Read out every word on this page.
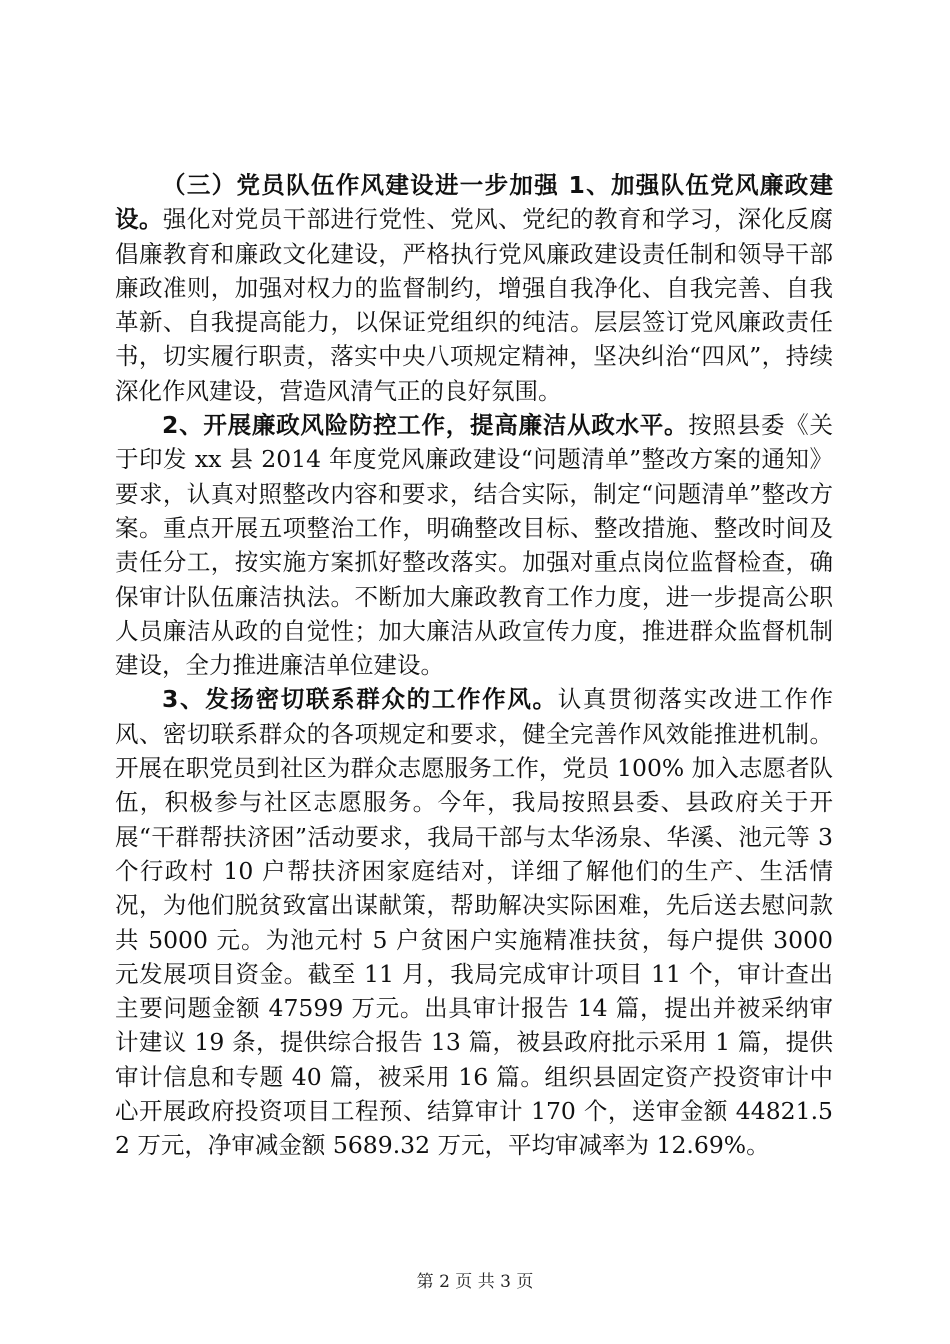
（三）党员队伍作风建设进一步加强 1、加强队伍党风廉政建设。强化对党员干部进行党性、党风、党纪的教育和学习，深化反腐倡廉教育和廉政文化建设，严格执行党风廉政建设责任制和领导干部廉政准则，加强对权力的监督制约，增强自我净化、自我完善、自我革新、自我提高能力，以保证党组织的纯洁。层层签订党风廉政责任书，切实履行职责，落实中央八项规定精神，坚决纠治“四风”，持续深化作风建设，营造风清气正的良好氛围。

2、开展廉政风险防控工作，提高廉洁从政水平。按照县委《关于印发 xx 县 2014 年度党风廉政建设“问题清单”整改方案的通知》要求，认真对照整改内容和要求，结合实际，制定“问题清单”整改方案。重点开展五项整治工作，明确整改目标、整改措施、整改时间及责任分工，按实施方案抓好整改落实。加强对重点岗位监督检查，确保审计队伍廉洁执法。不断加大廉政教育工作力度，进一步提高公职人员廉洁从政的自觉性；加大廉洁从政宣传力度，推进群众监督机制建设，全力推进廉洁单位建设。

3、发扬密切联系群众的工作作风。认真贯彻落实改进工作作风、密切联系群众的各项规定和要求，健全完善作风效能推进机制。开展在职党员到社区为群众志愿服务工作，党员 100% 加入志愿者队伍，积极参与社区志愿服务。今年，我局按照县委、县政府关于开展“干群帮扶济困”活动要求，我局干部与太华汤泉、华溪、池元等 3 个行政村 10 户帮扶济困家庭结对，详细了解他们的生产、生活情况，为他们脱贫致富出谋献策，帮助解决实际困难，先后送去慰问款共 5000 元。为池元村 5 户贫困户实施精准扶贫，每户提供 3000 元发展项目资金。截至 11 月，我局完成审计项目 11 个，审计查出主要问题金额 47599 万元。出具审计报告 14 篇，提出并被采纳审计建议 19 条，提供综合报告 13 篇，被县政府批示采用 1 篇，提供审计信息和专题 40 篇，被采用 16 篇。组织县固定资产投资审计中心开展政府投资项目工程预、结算审计 170 个，送审金额 44821.52 万元，净审减金额 5689.32 万元，平均审减率为 12.69%。

第 2 页 共 3 页
